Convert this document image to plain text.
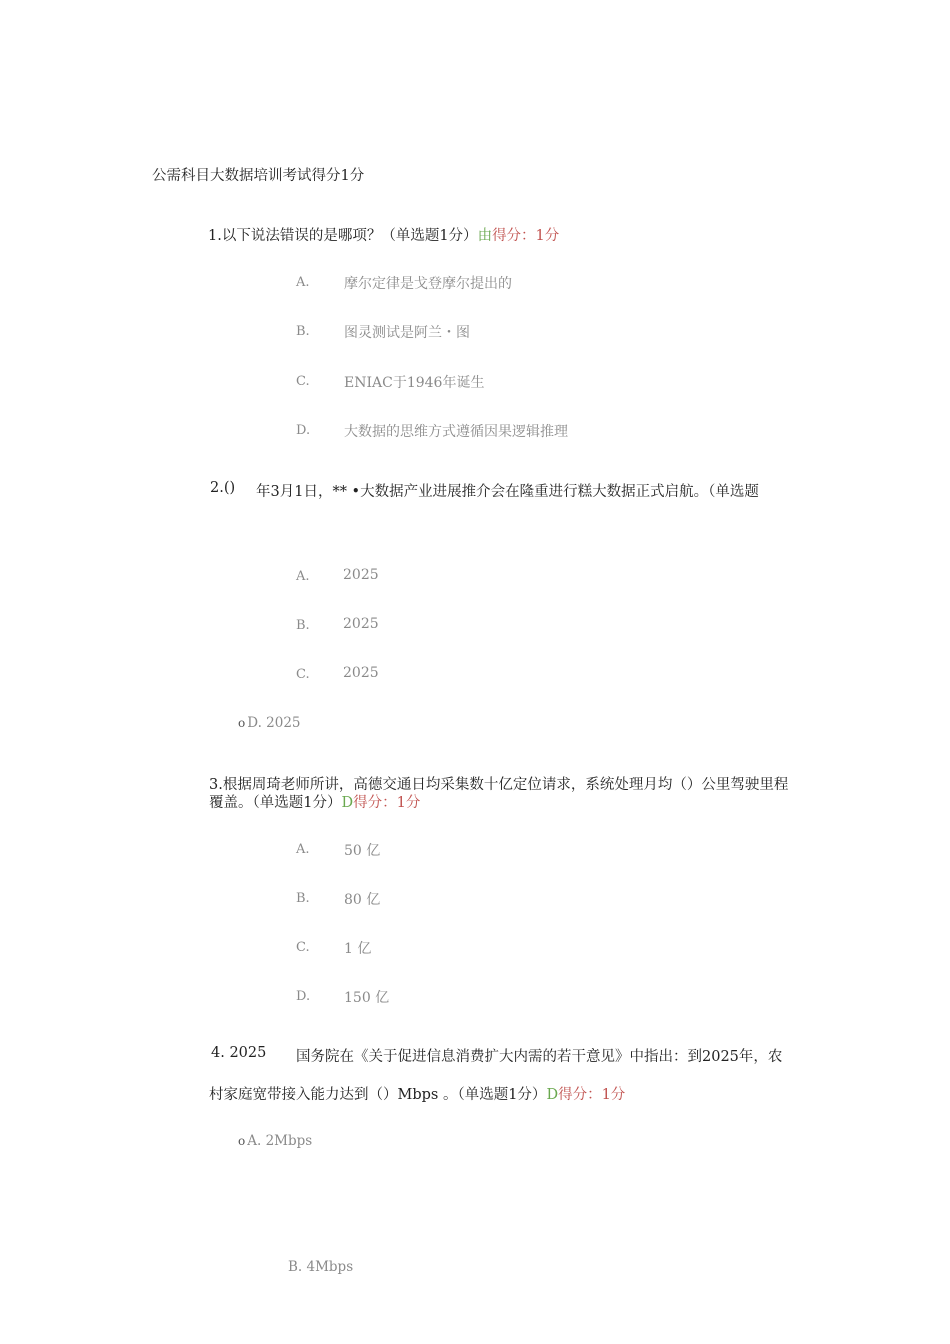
公需科目大数据培训考试得分1分
1.以下说法错误的是哪项？（单选题1分）由得分：1分
A. 摩尔定律是戈登摩尔提出的
B. 图灵测试是阿兰・图
C. ENIAC于1946年诞生
D. 大数据的思维方式遵循因果逻辑推理
2.() 年3月1日，** •大数据产业进展推介会在隆重进行糕大数据正式启航。（单选题
A. 2025
B. 2025
C. 2025
o D. 2025
3.根据周琦老师所讲，高德交通日均采集数十亿定位请求，系统处理月均（）公里驾驶里程
覆盖。（单选题1分）D得分：1分
A. 50 亿
B. 80 亿
C. 1 亿
D. 150 亿
4. 2025 国务院在《关于促进信息消费扩大内需的若干意见》中指出：到2025年，农
村家庭宽带接入能力达到（）Mbps 。（单选题1分）D得分：1分
o A. 2Mbps
B. 4Mbps
